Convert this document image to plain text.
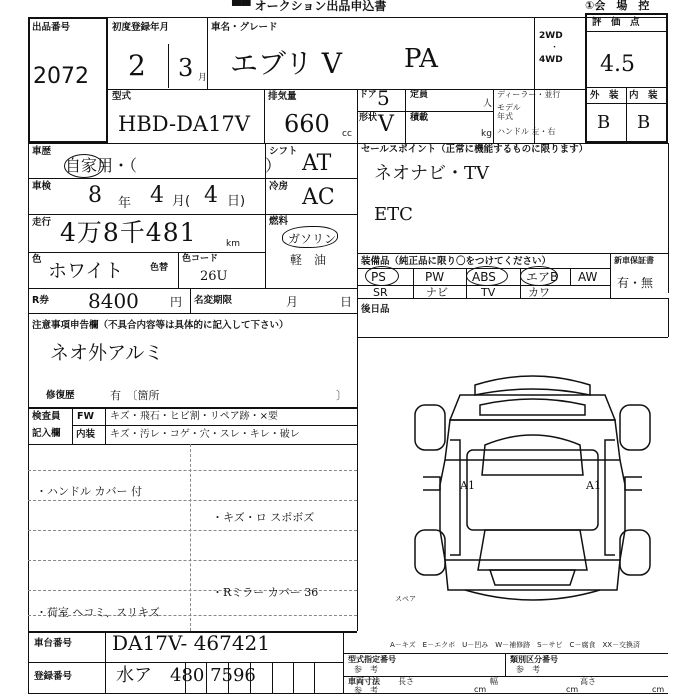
▀▀ オークション出品申込書	①会　場　控
出品番号
2072
初度登録年月
2 3 月
車名・グレード
エブリ V PA
2WD
・
4WD
評　価　点
4.5
外　装 内　装
B B
型式
HBD-DA17V
排気量
660 cc
ドア 5
形状 V
定員
人
積載
kg
ディーラー・並行
モデル
年式
ハンドル 左・右
車歴
自家用・（　　　　　　　　）
車検 8 年 4 月( 4 日)
走行 4万8千481	km
色
ホワイト	色替
色コード
26U
シフト AT
冷房 AC
燃料
ガソリン
軽　油
R券 8400	円 名変期限	月	日
セールスポイント（正常に機能するものに限ります）
ネオナビ・TV
ETC
装備品（純正品に限り〇をつけてください）	新車保証書
有・無
PS	PW ABS	エアB AW
SR	ナビ	TV	カワ
後日品
注意事項申告欄（不具合内容等は具体的に記入して下さい）
ネオ外アルミ
修復歴	有　〔箇所	〕
検査員
記入欄
FW キズ・飛石・ヒビ割・リペア跡・×要
内装 キズ・汚レ・コゲ・穴・スレ・キレ・破レ
・ハンドル カバー 付
・キズ・ロ スポボズ
・Rミラー カバー 36
・荷室 ヘコミ、スリキズ
A1	A1
スペア
A－キズ　E－エクボ　U－凹み　W－補修跡　S－サビ　C－腐食　XX－交換済
車台番号 DA17V- 467421
登録番号 水ア　480 7596
型式指定番号
参　考
類別区分番号
参　考
車両寸法
参　考
長さ
cm
幅
cm
高さ
cm
